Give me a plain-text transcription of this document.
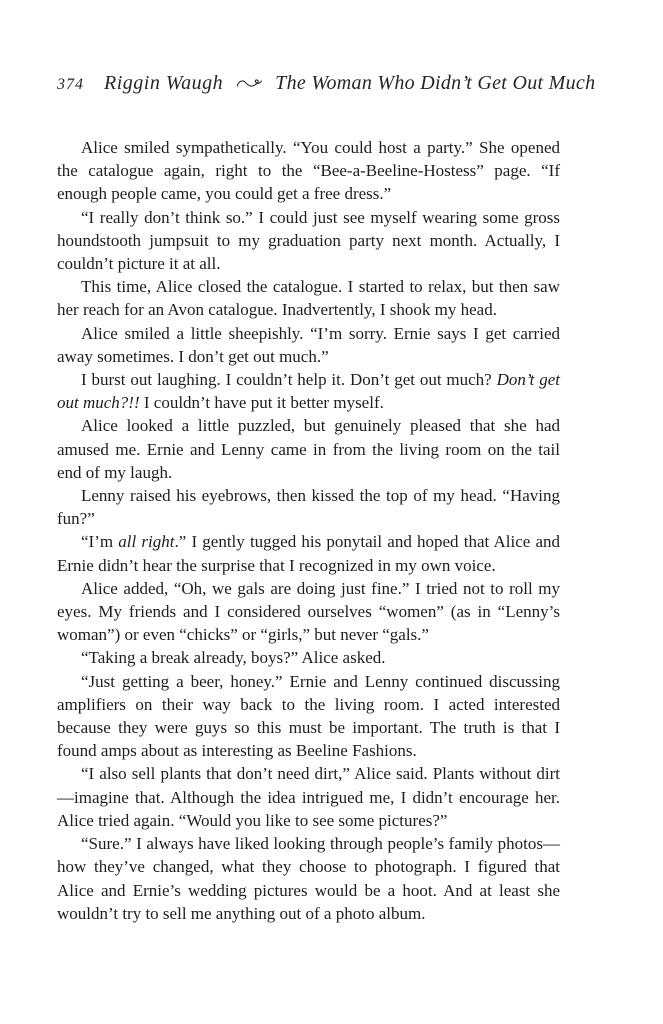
374 Riggin Waugh	The Woman Who Didn’t Get Out Much

Alice smiled sympathetically. “You could host a party.” She opened the catalogue again, right to the “Bee-a-Beeline-Hostess” page. “If enough people came, you could get a free dress.”

“I really don’t think so.” I could just see myself wearing some gross houndstooth jumpsuit to my graduation party next month. Actually, I couldn’t picture it at all.

This time, Alice closed the catalogue. I started to relax, but then saw her reach for an Avon catalogue. Inadvertently, I shook my head.

Alice smiled a little sheepishly. “I’m sorry. Ernie says I get carried away sometimes. I don’t get out much.”

I burst out laughing. I couldn’t help it. Don’t get out much? Don’t get out much?!! I couldn’t have put it better myself.

Alice looked a little puzzled, but genuinely pleased that she had amused me. Ernie and Lenny came in from the living room on the tail end of my laugh.

Lenny raised his eyebrows, then kissed the top of my head. “Having fun?”

“I’m all right.” I gently tugged his ponytail and hoped that Alice and Ernie didn’t hear the surprise that I recognized in my own voice.

Alice added, “Oh, we gals are doing just fine.” I tried not to roll my eyes. My friends and I considered ourselves “women” (as in “Lenny’s woman”) or even “chicks” or “girls,” but never “gals.”

“Taking a break already, boys?” Alice asked.

“Just getting a beer, honey.” Ernie and Lenny continued discussing amplifiers on their way back to the living room. I acted interested because they were guys so this must be important. The truth is that I found amps about as interesting as Beeline Fashions.

“I also sell plants that don’t need dirt,” Alice said. Plants without dirt—imagine that. Although the idea intrigued me, I didn’t encourage her. Alice tried again. “Would you like to see some pictures?”

“Sure.” I always have liked looking through people’s family photos—how they’ve changed, what they choose to photograph. I figured that Alice and Ernie’s wedding pictures would be a hoot. And at least she wouldn’t try to sell me anything out of a photo album.
